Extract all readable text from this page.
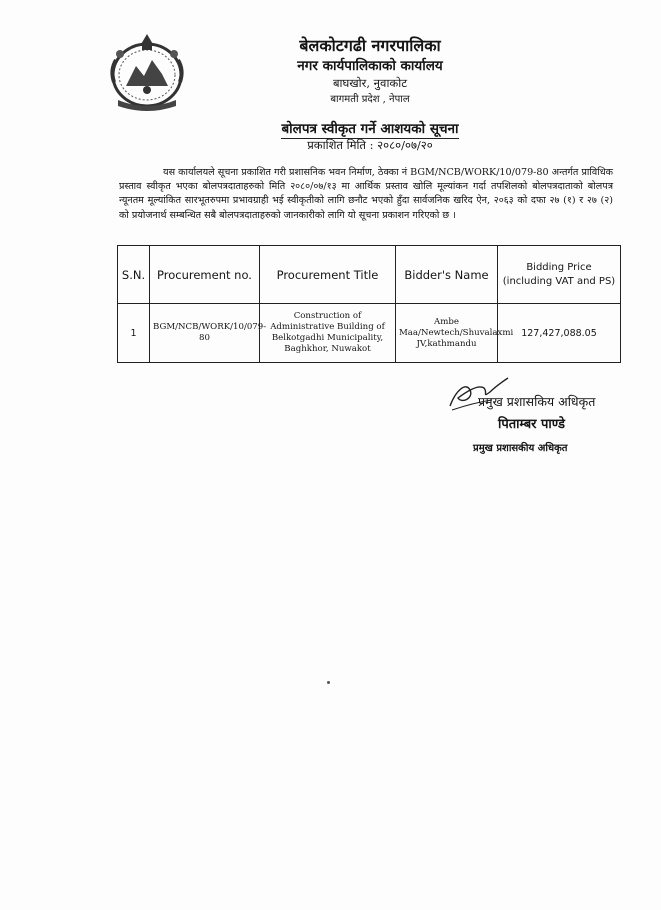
बेलकोटगढी नगरपालिका
नगर कार्यपालिकाको कार्यालय
बाघखोर, नुवाकोट
बागमती प्रदेश , नेपाल
बोलपत्र स्वीकृत गर्ने आशयको सूचना
प्रकाशित मिति : २०८०/०७/२०
यस कार्यालयले सूचना प्रकाशित गरी प्रशासनिक भवन निर्माण, ठेक्का नं BGM/NCB/WORK/10/079-80 अन्तर्गत प्राविधिक प्रस्ताव स्वीकृत भएका बोलपत्रदाताहरुको मिति २०८०/०७/१३ मा आर्थिक प्रस्ताव खोलि मूल्यांकन गर्दा तपशिलको बोलपत्रदाताको बोलपत्र न्यूनतम मूल्यांकित सारभूतरुपमा प्रभावग्राही भई स्वीकृतीको लागि छनौट भएको हुँदा सार्वजनिक खरिद ऐन, २०६३ को दफा २७ (१) र २७ (२) को प्रयोजनार्थ सम्बन्धित सबै बोलपत्रदाताहरुको जानकारीको लागि यो सूचना प्रकाशन गरिएको छ ।
S.N.	Procurement no.	Procurement Title	Bidder's Name	Bidding Price (including VAT and PS)
1	BGM/NCB/WORK/10/079-80	Construction of Administrative Building of Belkotgadhi Municipality, Baghkhor, Nuwakot	Ambe Maa/Newtech/Shuvalaxmi JV,kathmandu	127,427,088.05
प्रमुख प्रशासकिय अधिकृत
पिताम्बर पाण्डे
प्रमुख प्रशासकीय अधिकृत
